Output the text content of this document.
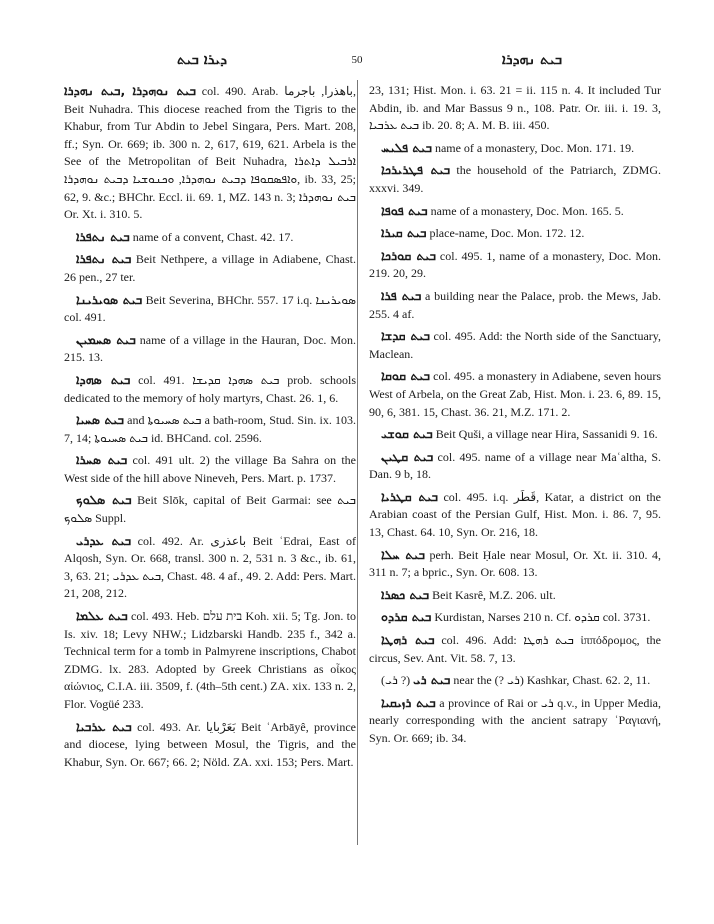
ܕܝܪܐ ܒܝܬ	50	ܒܝܬ ܢܗܕܪܐ

ܒܝܬ ܢܘܗܕܪܐ ,ܒܝܬ ܢܗܕܪܐ col. 490. Arab. باهذرا, باجرما, Beit Nuhadra. This diocese reached from the Tigris to the Khabur, from Tur Abdin to Jebel Singara, Pers. Mart. 208, ff.; Syn. Or. 669; ib. 300 n. 2, 617, 619, 621. Arbela is the See of the Metropolitan of Beit Nuhadra, ܐܪܒܝܠ ܕܐܬܪܐ ܘܐܦܣܩܘܦܐ ܕܒܝܬ ܢܘܗܕܪܐ, ܘܟܢܘܫܝܐ ܕܒܝܬ ܢܘܗܕܪܐ, ib. 33, 25; 62, 9. &c.; BHChr. Eccl. ii. 69. 1, MZ. 143 n. 3; ܒܝܬ ܢܘܗܕܪܐ Or. Xt. i. 310. 5.

ܒܝܬ ܢܬܦܪܐ name of a convent, Chast. 42. 17.

ܒܝܬ ܢܬܦܪܐ Beit Nethpere, a village in Adiabene, Chast. 26 pen., 27 ter.

ܒܝܬ ܣܘܝܪܝܢܐ Beit Severina, BHChr. 557. 17 i.q. ܣܘܝܪܝܢܐ col. 491.

ܒܝܬ ܣܚܡܝܢ name of a village in the Hauran, Doc. Mon. 215. 13.

ܒܝܬ ܣܗܕܐ col. 491. ܒܝܬ ܣܗܕܐ ܩܕܝܫܐ prob. schools dedicated to the memory of holy martyrs, Chast. 26. 1, 6.

ܒܝܬ ܣܚܝܐ and ܒܝܬ ܣܚܝܘܬܐ a bath-room, Stud. Sin. ix. 103. 7, 14; ܒܝܬ ܣܚܝܘܬܐ id. BHCand. col. 2596.

ܒܝܬ ܣܚܪܐ col. 491 ult. 2) the village Ba Sahra on the West side of the hill above Nineveh, Pers. Mart. p. 1737.

ܒܝܬ ܣܠܘܟ Beit Slōk, capital of Beit Garmai: see ܒܝܬ ܣܠܘܟ Suppl.

ܒܝܬ ܥܕܪܝ col. 492. Ar. باعذرى Beit ʿEdrai, East of Alqosh, Syn. Or. 668, transl. 300 n. 2, 531 n. 3 &c., ib. 61, 3, 63. 21; ܒܝܬ ܥܕܪܝ, Chast. 48. 4 af., 49. 2. Add: Pers. Mart. 21, 208, 212.

ܒܝܬ ܥܠܡܐ col. 493. Heb. בית עלם Koh. xii. 5; Tg. Jon. to Is. xiv. 18; Levy NHW.; Lidzbarski Handb. 235 f., 342 a. Technical term for a tomb in Palmyrene inscriptions, Chabot ZDMG. lx. 283. Adopted by Greek Christians as οἶκος αἰώνιος, C.I.A. iii. 3509, f. (4th–5th cent.) ZA. xix. 133 n. 2, Flor. Vogüé 233.

ܒܝܬ ܥܪܒܝܐ col. 493. Ar. بَعَرْبايا Beit ʿArbāyê, province and diocese, lying between Mosul, the Tigris, and the Khabur, Syn. Or. 667; 66. 2; Nöld. ZA. xxi. 153; Pers. Mart.

23, 131; Hist. Mon. i. 63. 21 = ii. 115 n. 4. It included Tur Abdin, ib. and Mar Bassus 9 n., 108. Patr. Or. iii. i. 19. 3, ܒܝܬ ܥܪܒܝܐ ib. 20. 8; A. M. B. iii. 450.

ܒܝܬ ܦܠܝܚ name of a monastery, Doc. Mon. 171. 19.

ܒܝܬ ܦܛܪܝܪܟܐ the household of the Patriarch, ZDMG. xxxvi. 349.

ܒܝܬ ܦܘܦܐ name of a monastery, Doc. Mon. 165. 5.

ܒܝܬ ܩܝܪܐ place-name, Doc. Mon. 172. 12.

ܒܝܬ ܩܘܪܟܐ col. 495. 1, name of a monastery, Doc. Mon. 219. 20, 29.

ܒܝܬ ܦܪܐ a building near the Palace, prob. the Mews, Jab. 255. 4 af.

ܒܝܬ ܩܕܫܐ col. 495. Add: the North side of the Sanctuary, Maclean.

ܒܝܬ ܩܘܩܐ col. 495. a monastery in Adiabene, seven hours West of Arbela, on the Great Zab, Hist. Mon. i. 23. 6, 89. 15, 90, 6, 381. 15, Chast. 36. 21, M.Z. 171. 2.

ܒܝܬ ܩܘܫܝ Beit Quši, a village near Hira, Sassanidi 9. 16.

ܒܝܬ ܩܛܝܢ col. 495. name of a village near Maʿaltha, S. Dan. 9 b, 18.

ܒܝܬ ܩܛܪܝܐ col. 495. i.q. قَطَر, Katar, a district on the Arabian coast of the Persian Gulf, Hist. Mon. i. 86. 7, 95. 13, Chast. 64. 10, Syn. Or. 216, 18.

ܒܝܬ ܚܠܐ perh. Beit Ḥale near Mosul, Or. Xt. ii. 310. 4, 311 n. 7; a bpric., Syn. Or. 608. 13.

ܒܝܬ ܟܣܪܐ Beit Kasrê, M.Z. 206. ult.

ܒܝܬ ܩܪܕܘ Kurdistan, Narses 210 n. Cf. ܩܪܕܘ col. 3731.

ܒܝܬ ܪܗܛܐ col. 496. Add: ܒܝܬ ܪܗܛܐ ἱππόδρομος, the circus, Sev. Ant. Vit. 58. 7, 13.

ܒܝܬ ܪܝ (? ܪܝ) near the (? ܪܝ) Kashkar, Chast. 62. 2, 11.

ܒܝܬ ܪܙܝܩܝܐ a province of Rai or ܪܝ q.v., in Upper Media, nearly corresponding with the ancient satrapy ʿΡαγιανή, Syn. Or. 669; ib. 34.
